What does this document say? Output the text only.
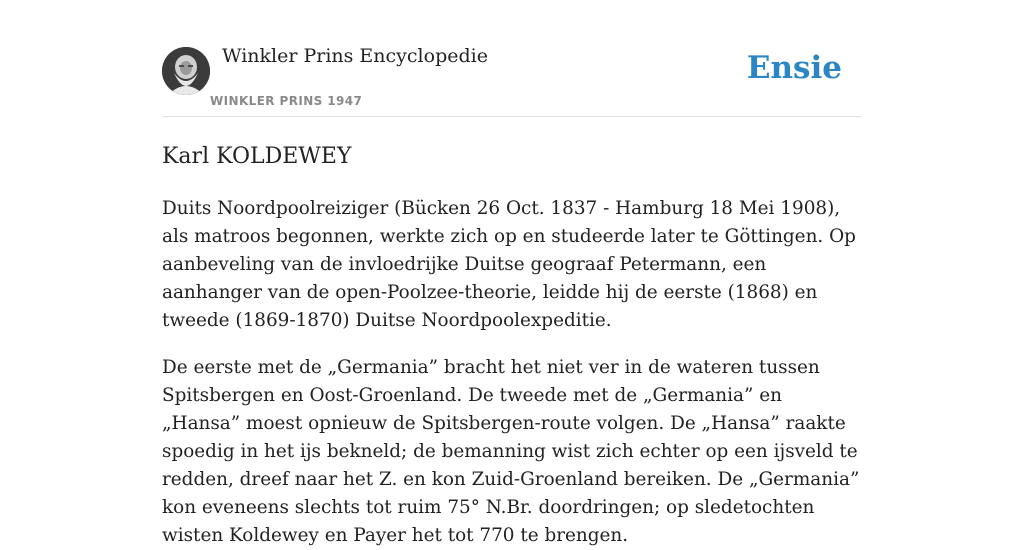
Winkler Prins Encyclopedie
WINKLER PRINS 1947
Ensie
Karl KOLDEWEY

Duits Noordpoolreiziger (Bücken 26 Oct. 1837 - Hamburg 18 Mei 1908), als matroos begonnen, werkte zich op en studeerde later te Göttingen. Op aanbeveling van de invloedrijke Duitse geograaf Petermann, een aanhanger van de open-Poolzee-theorie, leidde hij de eerste (1868) en tweede (1869-1870) Duitse Noordpoolexpeditie.

De eerste met de „Germania” bracht het niet ver in de wateren tussen Spitsbergen en Oost-Groenland. De tweede met de „Germania” en „Hansa” moest opnieuw de Spitsbergen-route volgen. De „Hansa” raakte spoedig in het ijs bekneld; de bemanning wist zich echter op een ijsveld te redden, dreef naar het Z. en kon Zuid-Groenland bereiken. De „Germania” kon eveneens slechts tot ruim 75° N.Br. doordringen; op sledetochten wisten Koldewey en Payer het tot 770 te brengen.
